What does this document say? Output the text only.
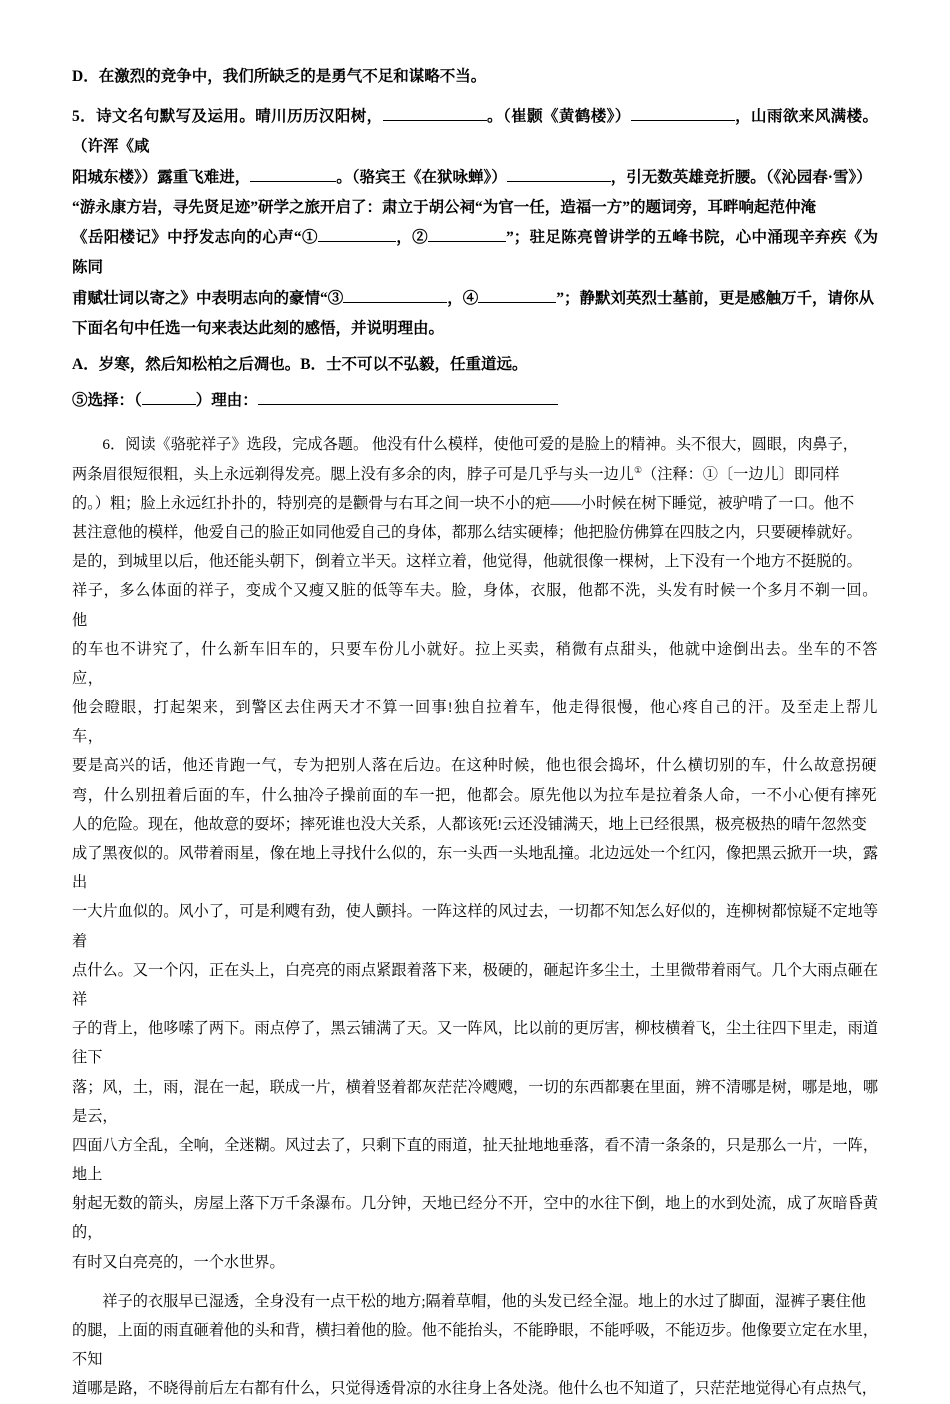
D．在激烈的竞争中，我们所缺乏的是勇气不足和谋略不当。
5．诗文名句默写及运用。晴川历历汉阳树，	。（崔颢《黄鹤楼》）	，山雨欲来风满楼。（许浑《咸
阳城东楼》）露重飞难进，	。（骆宾王《在狱咏蝉》）	，引无数英雄竞折腰。（《沁园春·雪》）
“游永康方岩，寻先贤足迹”研学之旅开启了：肃立于胡公祠“为官一任，造福一方”的题词旁，耳畔响起范仲淹
《岳阳楼记》中抒发志向的心声“①	，②	”；驻足陈亮曾讲学的五峰书院，心中涌现辛弃疾《为陈同
甫赋壮词以寄之》中表明志向的豪情“③	，④	”；静默刘英烈士墓前，更是感触万千，请你从
下面名句中任选一句来表达此刻的感悟，并说明理由。
A．岁寒，然后知松柏之后凋也。B．士不可以不弘毅，任重道远。
⑤选择：（	）理由：
6．阅读《骆驼祥子》选段，完成各题。 他没有什么模样，使他可爱的是脸上的精神。头不很大，圆眼，肉鼻子，
两条眉很短很粗，头上永远剃得发亮。腮上没有多余的肉，脖子可是几乎与头一边儿①（注释：①〔一边儿〕即同样
的。）粗；脸上永远红扑扑的，特别亮的是颧骨与右耳之间一块不小的疤——小时候在树下睡觉，被驴啃了一口。他不
甚注意他的模样，他爱自己的脸正如同他爱自己的身体，都那么结实硬棒；他把脸仿佛算在四肢之内，只要硬棒就好。
是的，到城里以后，他还能头朝下，倒着立半天。这样立着，他觉得，他就很像一棵树，上下没有一个地方不挺脱的。
祥子，多么体面的祥子，变成个又瘦又脏的低等车夫。脸，身体，衣服，他都不洗，头发有时候一个多月不剃一回。他
的车也不讲究了，什么新车旧车的，只要车份儿小就好。拉上买卖，稍微有点甜头，他就中途倒出去。坐车的不答应，
他会瞪眼，打起架来，到警区去住两天才不算一回事!独自拉着车，他走得很慢，他心疼自己的汗。及至走上帮儿车，
要是高兴的话，他还肯跑一气，专为把别人落在后边。在这种时候，他也很会捣坏，什么横切别的车，什么故意拐硬
弯，什么别扭着后面的车，什么抽冷子操前面的车一把，他都会。原先他以为拉车是拉着条人命，一不小心便有摔死
人的危险。现在，他故意的耍坏；摔死谁也没大关系，人都该死!云还没铺满天，地上已经很黑，极亮极热的晴午忽然变
成了黑夜似的。风带着雨星，像在地上寻找什么似的，东一头西一头地乱撞。北边远处一个红闪，像把黑云掀开一块，露出
一大片血似的。风小了，可是利飕有劲，使人颤抖。一阵这样的风过去，一切都不知怎么好似的，连柳树都惊疑不定地等着
点什么。又一个闪，正在头上，白亮亮的雨点紧跟着落下来，极硬的，砸起许多尘土，土里微带着雨气。几个大雨点砸在祥
子的背上，他哆嗦了两下。雨点停了，黑云铺满了天。又一阵风，比以前的更厉害，柳枝横着飞，尘土往四下里走，雨道往下
落；风，土，雨，混在一起，联成一片，横着竖着都灰茫茫冷飕飕，一切的东西都裹在里面，辨不清哪是树，哪是地，哪是云，
四面八方全乱，全响，全迷糊。风过去了，只剩下直的雨道，扯天扯地地垂落，看不清一条条的，只是那么一片，一阵，地上
射起无数的箭头，房屋上落下万千条瀑布。几分钟，天地已经分不开，空中的水往下倒，地上的水到处流，成了灰暗昏黄的，
有时又白亮亮的，一个水世界。
祥子的衣服早已湿透，全身没有一点干松的地方;隔着草帽，他的头发已经全湿。地上的水过了脚面，湿裤子裹住他
的腿，上面的雨直砸着他的头和背，横扫着他的脸。他不能抬头，不能睁眼，不能呼吸，不能迈步。他像要立定在水里，不知
道哪是路，不晓得前后左右都有什么，只觉得透骨凉的水往身上各处浇。他什么也不知道了，只茫茫地觉得心有点热气，
